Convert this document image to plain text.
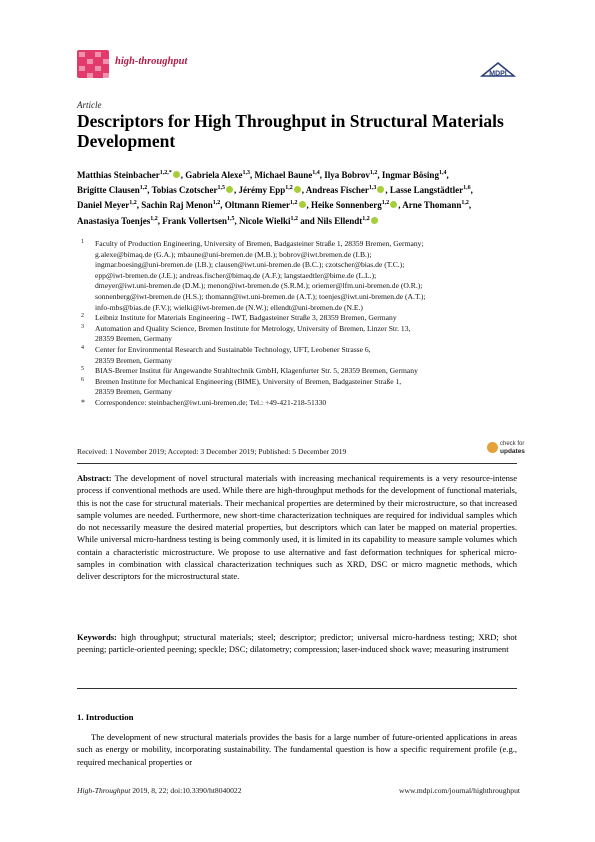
high-throughput
MDPI
Article
Descriptors for High Throughput in Structural Materials Development
Matthias Steinbacher$^{1,2,*}$ , Gabriela Alexe$^{1,3}$, Michael Baune$^{1,4}$, Ilya Bobrov$^{1,2}$, Ingmar Bösing$^{1,4}$, Brigitte Clausen$^{1,2}$, Tobias Czotscher$^{1,5}$ , Jérémy Epp$^{1,2}$ , Andreas Fischer$^{1,3}$ , Lasse Langstädtler$^{1,6}$, Daniel Meyer$^{1,2}$, Sachin Raj Menon$^{1,2}$, Oltmann Riemer$^{1,2}$ , Heike Sonnenberg$^{1,2}$ , Arne Thomann$^{1,2}$, Anastasiya Toenjes$^{1,2}$, Frank Vollertsen$^{1,5}$, Nicole Wielki$^{1,2}$ and Nils Ellendt$^{1,2}$
1 Faculty of Production Engineering, University of Bremen, Badgasteiner Straße 1, 28359 Bremen, Germany;
g.alexe@bimaq.de (G.A.); mbaune@uni-bremen.de (M.B.); bobrov@iwt.bremen.de (I.B.);
ingmar.boesing@uni-bremen.de (I.B.); clausen@iwt.uni-bremen.de (B.C.); czotscher@bias.de (T.C.);
epp@iwt-bremen.de (J.E.); andreas.fischer@bimaq.de (A.F.); langstaedtler@bime.de (L.L.);
dmeyer@iwt.uni-bremen.de (D.M.); menon@iwt-bremen.de (S.R.M.); oriemer@lfm.uni-bremen.de (O.R.);
sonnenberg@iwt-bremen.de (H.S.); thomann@iwt.uni-bremen.de (A.T.); toenjes@iwt.uni-bremen.de (A.T.);
info-mbs@bias.de (F.V.); wielki@iwt-bremen.de (N.W.); ellendt@uni-bremen.de (N.E.)
2 Leibniz Institute for Materials Engineering - IWT, Badgasteiner Straße 3, 28359 Bremen, Germany
3 Automation and Quality Science, Bremen Institute for Metrology, University of Bremen, Linzer Str. 13,
28359 Bremen, Germany
4 Center for Environmental Research and Sustainable Technology, UFT, Leobener Strasse 6,
28359 Bremen, Germany
5 BIAS-Bremer Institut für Angewandte Strahltechnik GmbH, Klagenfurter Str. 5, 28359 Bremen, Germany
6 Bremen Institute for Mechanical Engineering (BIME), University of Bremen, Badgasteiner Straße 1,
28359 Bremen, Germany
* Correspondence: steinbacher@iwt.uni-bremen.de; Tel.: +49-421-218-51330
Received: 1 November 2019; Accepted: 3 December 2019; Published: 5 December 2019
check for
updates
Abstract: The development of novel structural materials with increasing mechanical requirements is a very resource-intense process if conventional methods are used. While there are high-throughput methods for the development of functional materials, this is not the case for structural materials. Their mechanical properties are determined by their microstructure, so that increased sample volumes are needed. Furthermore, new short-time characterization techniques are required for individual samples which do not necessarily measure the desired material properties, but descriptors which can later be mapped on material properties. While universal micro-hardness testing is being commonly used, it is limited in its capability to measure sample volumes which contain a characteristic microstructure. We propose to use alternative and fast deformation techniques for spherical micro-samples in combination with classical characterization techniques such as XRD, DSC or micro magnetic methods, which deliver descriptors for the microstructural state.
Keywords: high throughput; structural materials; steel; descriptor; predictor; universal micro-hardness testing; XRD; shot peening; particle-oriented peening; speckle; DSC; dilatometry; compression; laser-induced shock wave; measuring instrument
1. Introduction
The development of new structural materials provides the basis for a large number of future-oriented applications in areas such as energy or mobility, incorporating sustainability. The fundamental question is how a specific requirement profile (e.g., required mechanical properties or
High-Throughput 2019, 8, 22; doi:10.3390/ht8040022	www.mdpi.com/journal/highthroughput
